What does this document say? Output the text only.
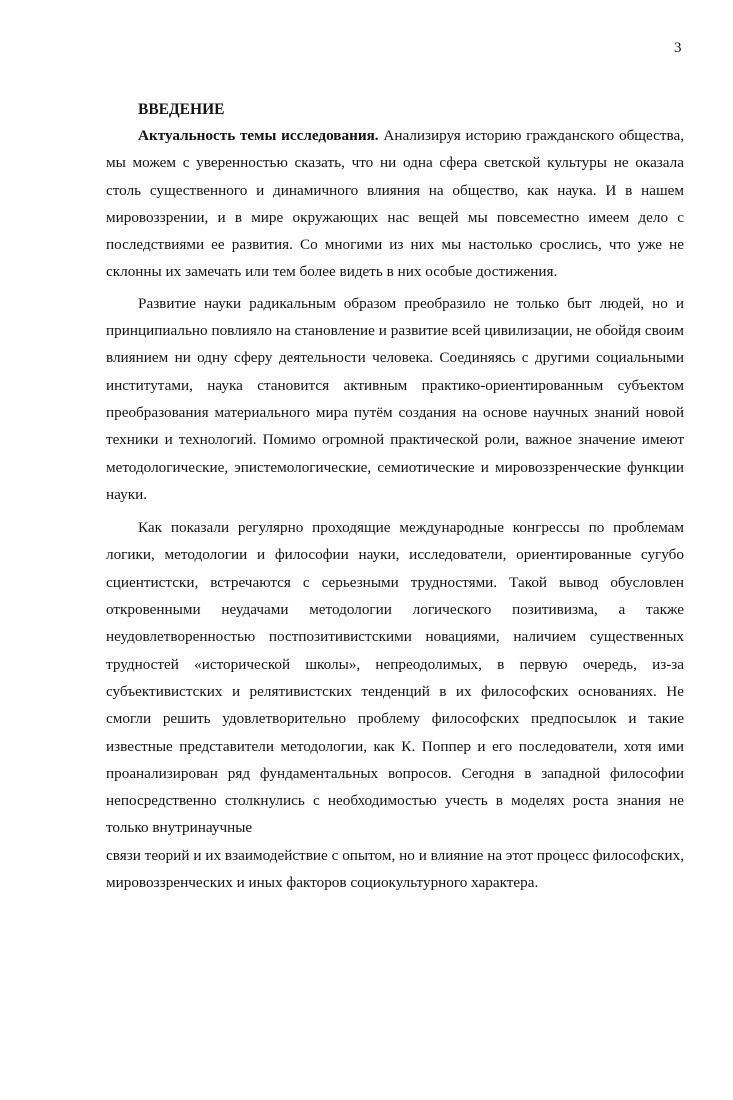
3
ВВЕДЕНИЕ

Актуальность темы исследования. Анализируя историю гражданского общества, мы можем с уверенностью сказать, что ни одна сфера светской культуры не оказала столь существенного и динамичного влияния на общество, как наука. И в нашем мировоззрении, и в мире окружающих нас вещей мы повсеместно имеем дело с последствиями ее развития. Со многими из них мы настолько срослись, что уже не склонны их замечать или тем более видеть в них особые достижения.

Развитие науки радикальным образом преобразило не только быт людей, но и принципиально повлияло на становление и развитие всей цивилизации, не обойдя своим влиянием ни одну сферу деятельности человека. Соединяясь с другими социальными институтами, наука становится активным практико-ориентированным субъектом преобразования материального мира путём создания на основе научных знаний новой техники и технологий. Помимо огромной практической роли, важное значение имеют методологические, эпистемологические, семиотические и мировоззренческие функции науки.

Как показали регулярно проходящие международные конгрессы по проблемам логики, методологии и философии науки, исследователи, ориентированные сугубо сциентистски, встречаются с серьезными трудностями. Такой вывод обусловлен откровенными неудачами методологии логического позитивизма, а также неудовлетворенностью постпозитивистскими новациями, наличием существенных трудностей «исторической школы», непреодолимых, в первую очередь, из-за субъективистских и релятивистских тенденций в их философских основаниях. Не смогли решить удовлетворительно проблему философских предпосылок и такие известные представители методологии, как К. Поппер и его последователи, хотя ими проанализирован ряд фундаментальных вопросов. Сегодня в западной философии непосредственно столкнулись с необходимостью учесть в моделях роста знания не только внутринаучные

связи теорий и их взаимодействие с опытом, но и влияние на этот процесс философских, мировоззренческих и иных факторов социокультурного характера.
